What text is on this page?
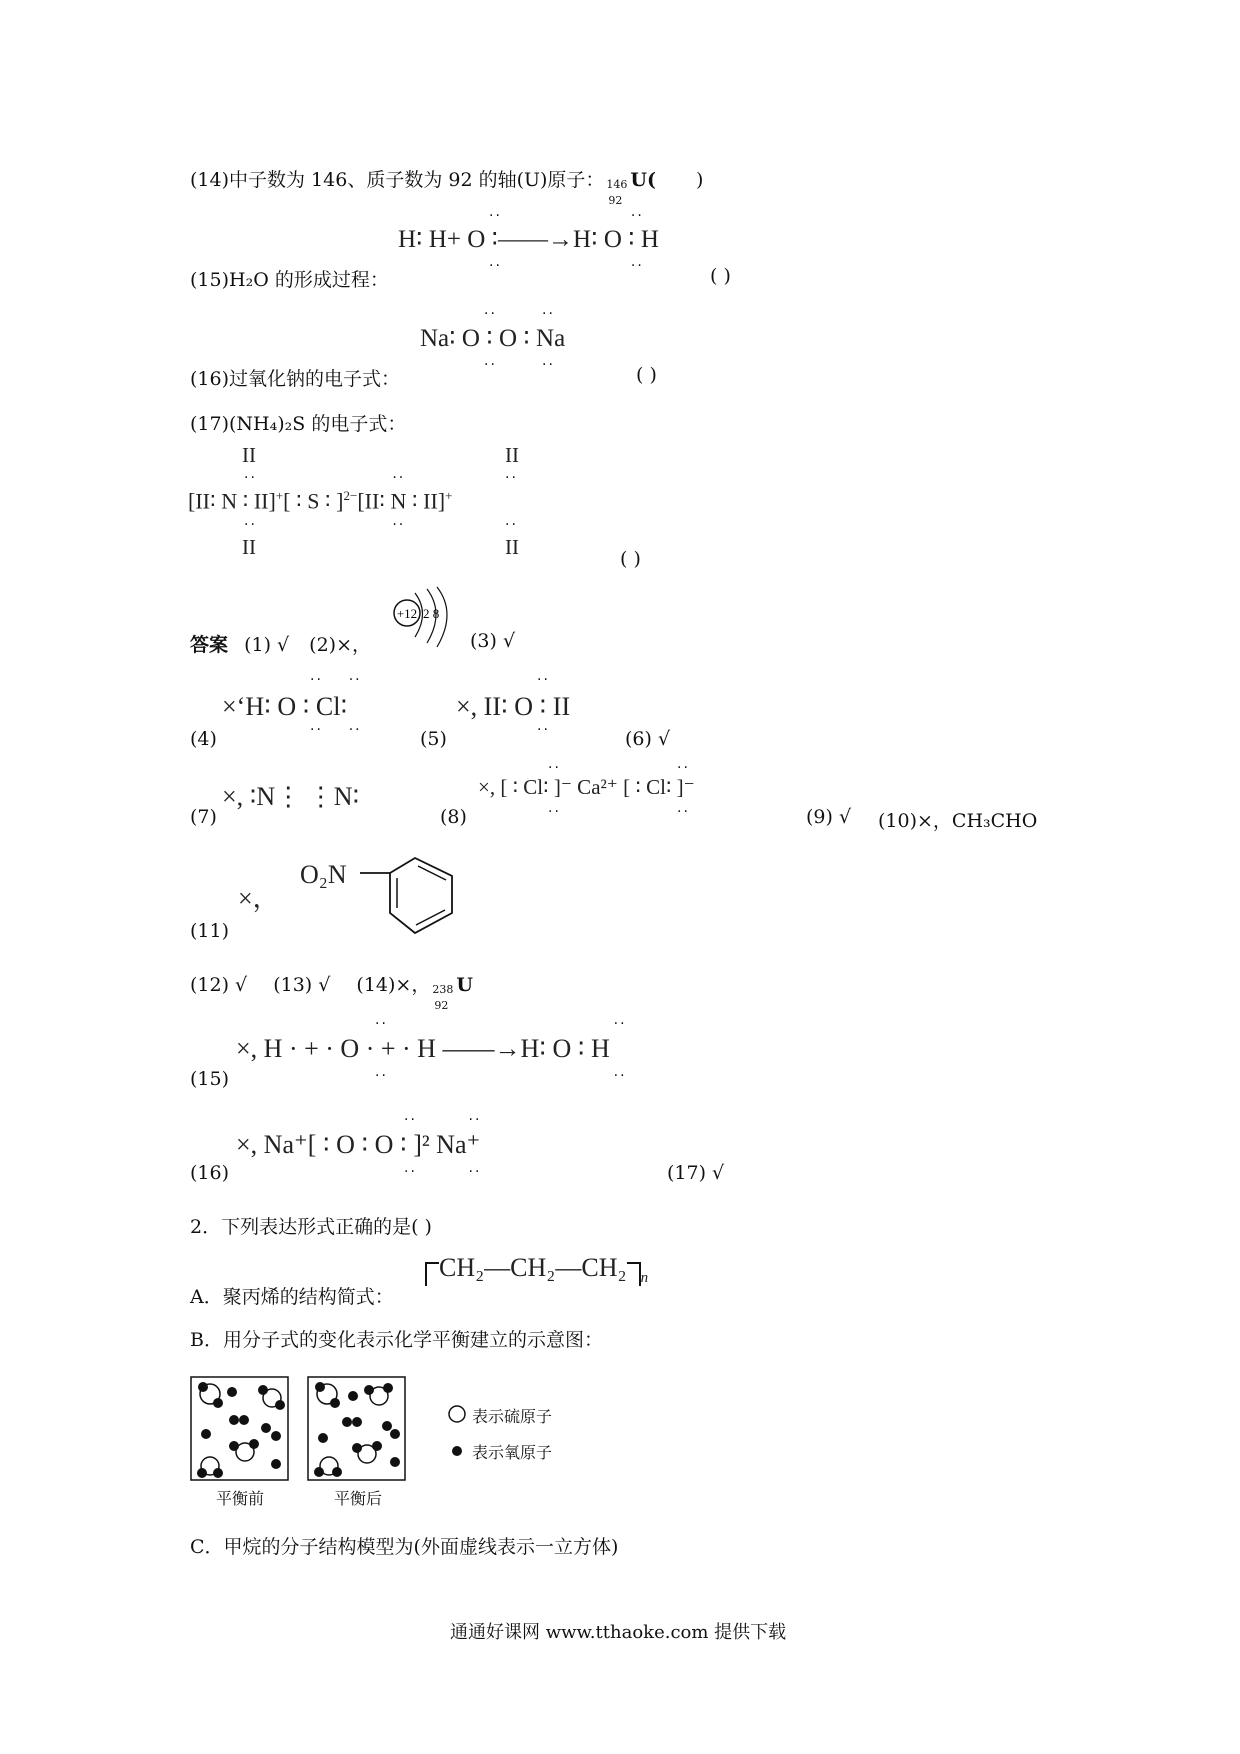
(14)中子数为 146、质子数为 92 的轴(U)原子： 146
92
U( )
··                    ··
H∶ H+ O ∶——→H∶ O ∶ H
··                    ··
(15)H₂O 的形成过程：	( )
··       ··
Na∶ O ∶ O ∶ Na
··       ··
(16)过氧化钠的电子式：	( )
(17)(NH₄)₂S 的电子式：
II	II
··                     ··	··
[II∶ N ∶ II]+[ ∶ S ∶ ]$^{2-}$[II∶ N ∶ II]+
··                     ··	··
II	II	( )
答案 (1) √ (2)×，
+12 2 8
(3) √
··    ··
×‘H∶ O ∶ Cl∶
··    ··
(4)
··
×, II∶ O ∶ II
··
(5)	(6) √
×, ∶N⋮ ⋮N∶
(7)	(8)
··                  ··
×, [ ∶ Cl∶ ]⁻ Ca²⁺ [ ∶ Cl∶ ]⁻
··                  ··	(9) √ (10)×，CH₃CHO
×，
O₂N
(11)
(12) √ (13) √ (14)×， 238
92
U
··                                   ··
×, H · + · O · + · H ——→H∶ O ∶ H
··                                   ··
(15)
··        ··
×, Na⁺[ ∶ O ∶ O ∶ ]² Na⁺
··        ··
(16)	(17) √
2．下列表达形式正确的是( )
A．聚丙烯的结构简式：
CH₂—CH₂—CH₂ $_n$
B．用分子式的变化表示化学平衡建立的示意图：
平衡前	平衡后
表示硫原子
表示氧原子
C．甲烷的分子结构模型为(外面虚线表示一立方体)
通通好课网 www.tthaoke.com 提供下载
